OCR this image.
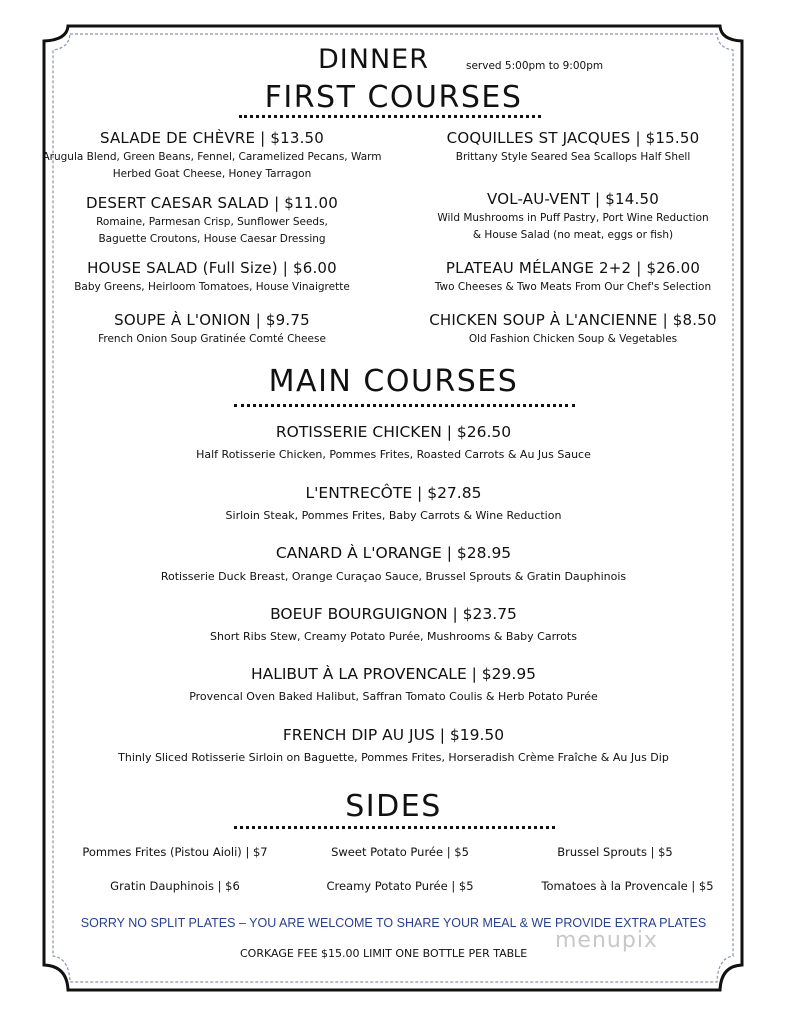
DINNER	served 5:00pm to 9:00pm
FIRST COURSES
SALADE DE CHÈVRE | $13.50
Arugula Blend, Green Beans, Fennel, Caramelized Pecans, Warm
Herbed Goat Cheese, Honey Tarragon
DESERT CAESAR SALAD | $11.00
Romaine, Parmesan Crisp, Sunflower Seeds,
Baguette Croutons, House Caesar Dressing
HOUSE SALAD (Full Size) | $6.00
Baby Greens, Heirloom Tomatoes, House Vinaigrette
SOUPE À L'ONION | $9.75
French Onion Soup Gratinée Comté Cheese
COQUILLES ST JACQUES | $15.50
Brittany Style Seared Sea Scallops Half Shell
VOL-AU-VENT | $14.50
Wild Mushrooms in Puff Pastry, Port Wine Reduction
& House Salad (no meat, eggs or fish)
PLATEAU MÉLANGE 2+2 | $26.00
Two Cheeses & Two Meats From Our Chef's Selection
CHICKEN SOUP À L'ANCIENNE | $8.50
Old Fashion Chicken Soup & Vegetables
MAIN COURSES
ROTISSERIE CHICKEN | $26.50
Half Rotisserie Chicken, Pommes Frites, Roasted Carrots & Au Jus Sauce
L'ENTRECÔTE | $27.85
Sirloin Steak, Pommes Frites, Baby Carrots & Wine Reduction
CANARD À L'ORANGE | $28.95
Rotisserie Duck Breast, Orange Curaçao Sauce, Brussel Sprouts & Gratin Dauphinois
BOEUF BOURGUIGNON | $23.75
Short Ribs Stew, Creamy Potato Purée, Mushrooms & Baby Carrots
HALIBUT À LA PROVENCALE | $29.95
Provencal Oven Baked Halibut, Saffran Tomato Coulis & Herb Potato Purée
FRENCH DIP AU JUS | $19.50
Thinly Sliced Rotisserie Sirloin on Baguette, Pommes Frites, Horseradish Crème Fraîche & Au Jus Dip
SIDES
Pommes Frites (Pistou Aioli) | $7	Sweet Potato Purée | $5	Brussel Sprouts | $5
Gratin Dauphinois | $6	Creamy Potato Purée | $5	Tomatoes à la Provencale | $5
SORRY NO SPLIT PLATES – YOU ARE WELCOME TO SHARE YOUR MEAL & WE PROVIDE EXTRA PLATES
CORKAGE FEE $15.00 LIMIT ONE BOTTLE PER TABLE
menupix
